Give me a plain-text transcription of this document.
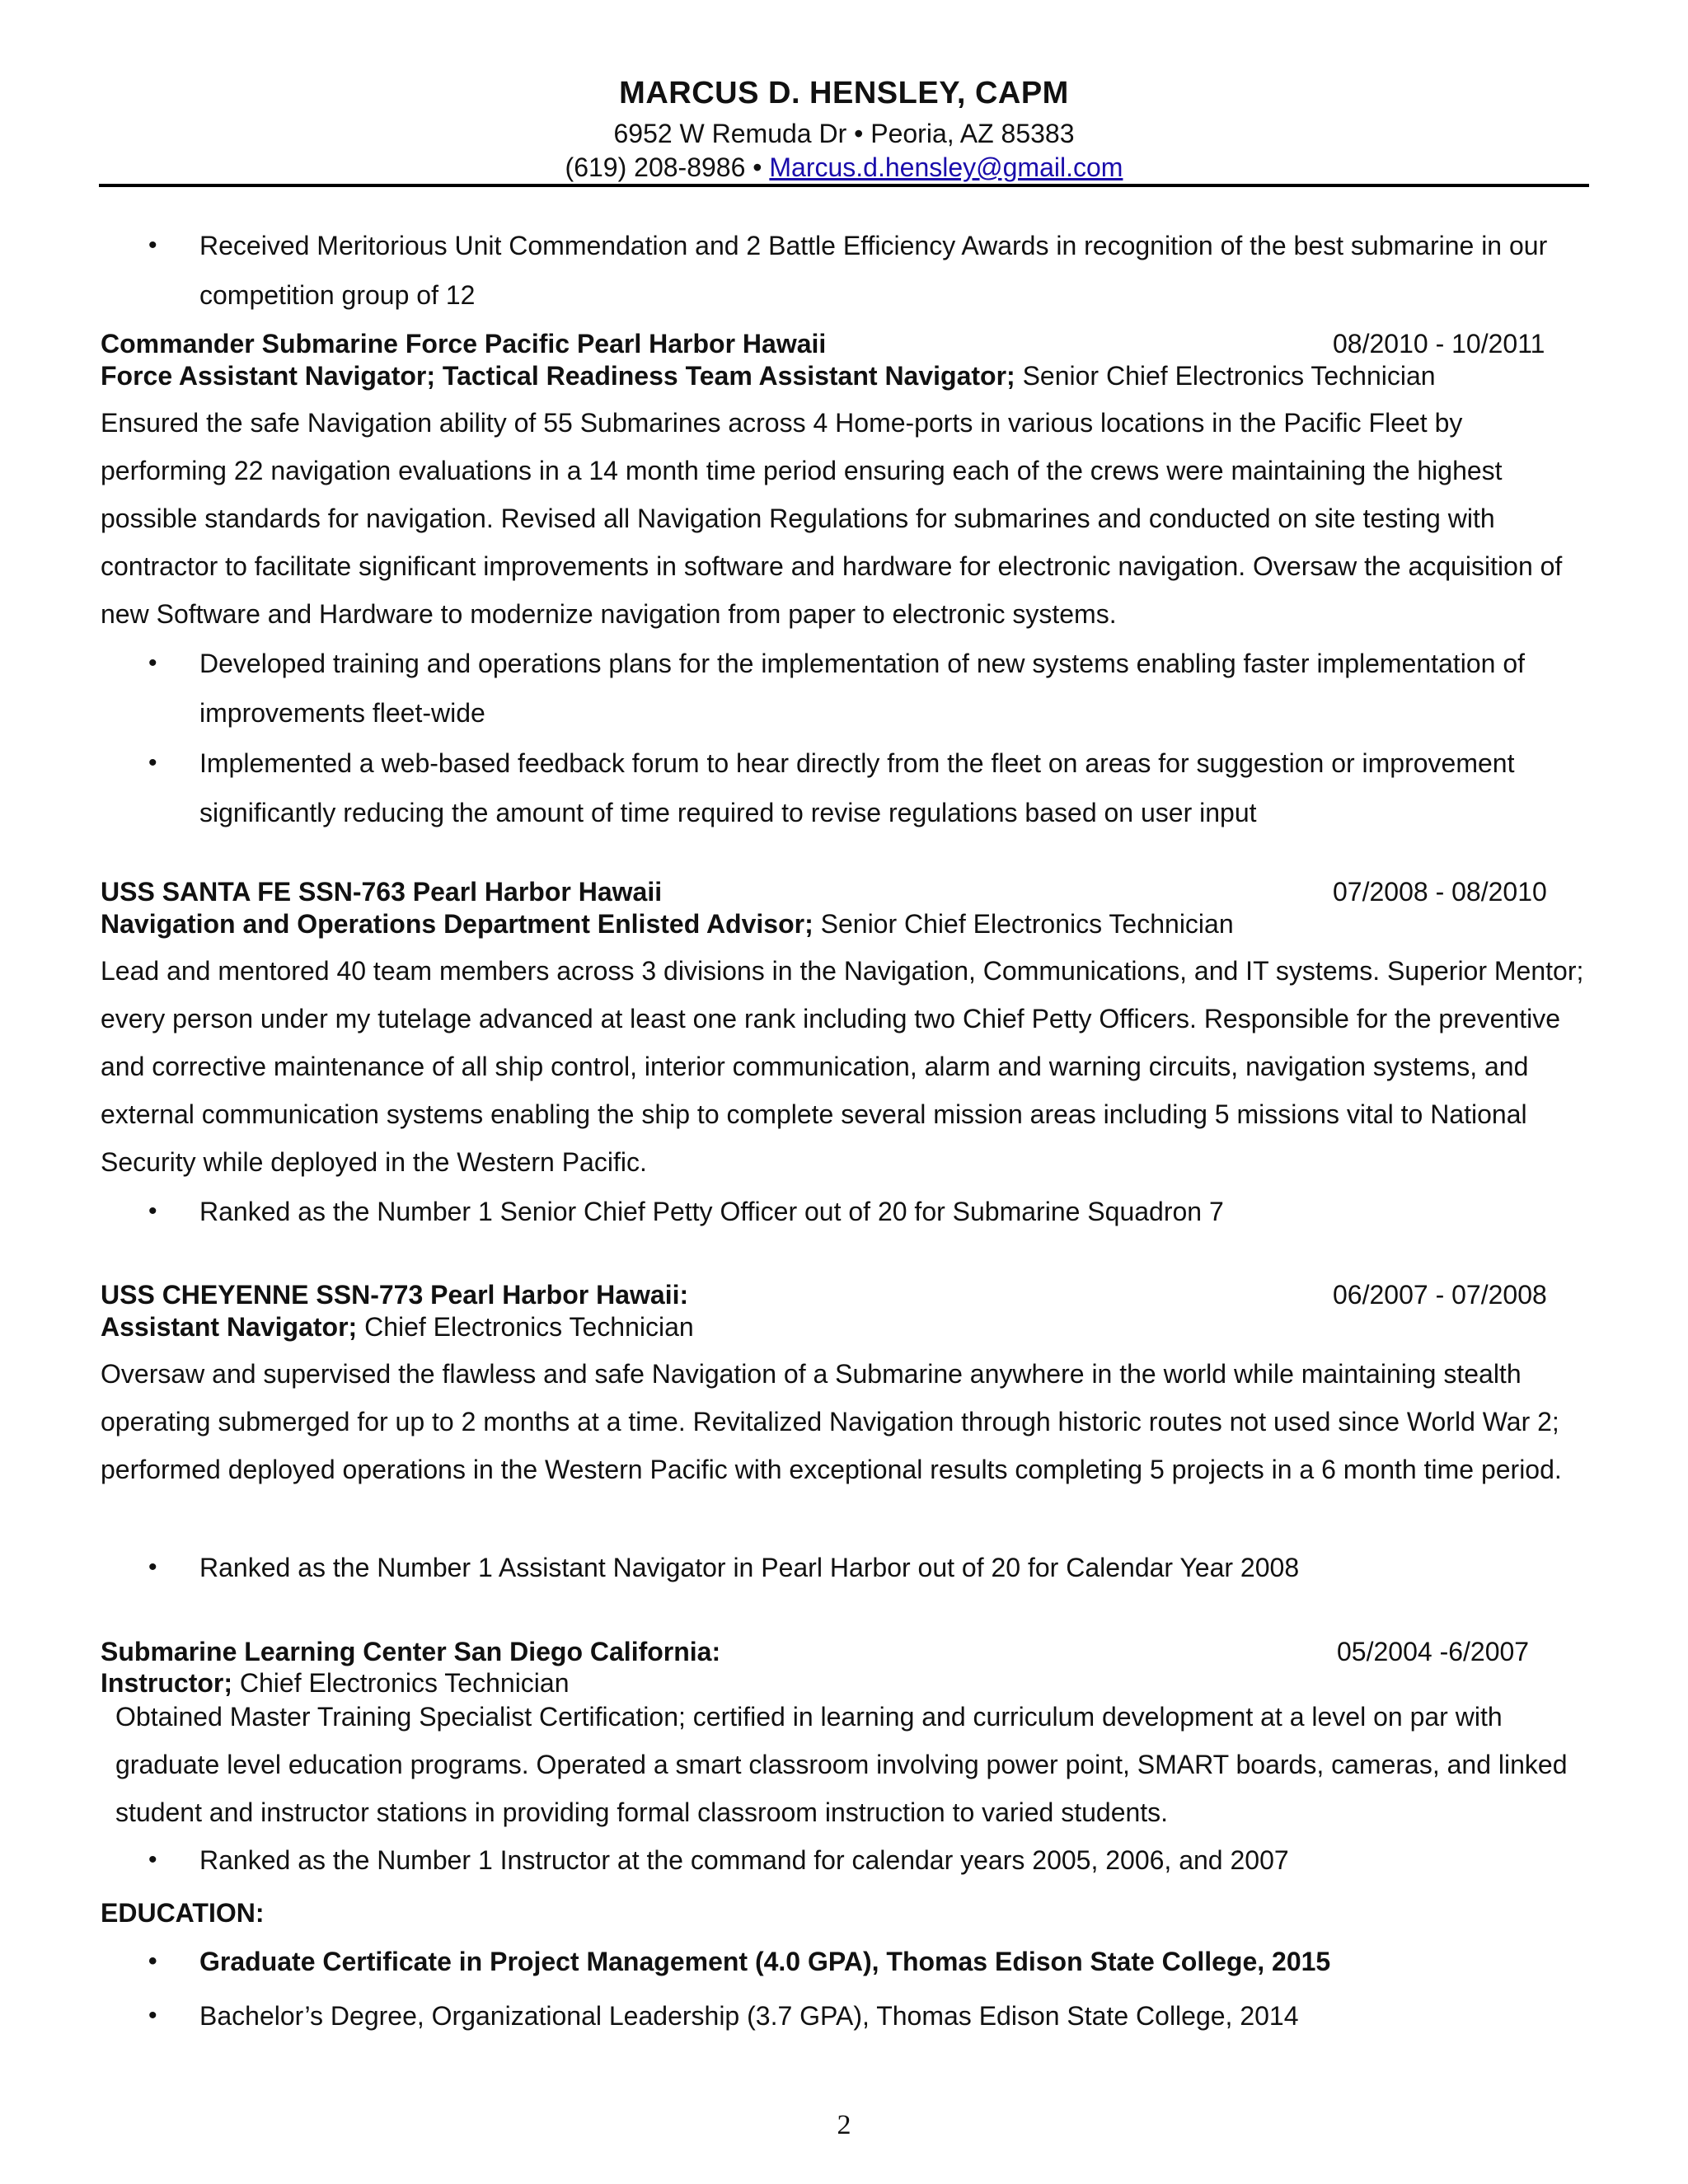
MARCUS D. HENSLEY, CAPM
6952 W Remuda Dr • Peoria, AZ 85383
(619) 208-8986 • Marcus.d.hensley@gmail.com
•	Received Meritorious Unit Commendation and 2 Battle Efficiency Awards in recognition of the best submarine in our competition group of 12
Commander Submarine Force Pacific Pearl Harbor Hawaii	08/2010 - 10/2011
Force Assistant Navigator; Tactical Readiness Team Assistant Navigator; Senior Chief Electronics Technician
Ensured the safe Navigation ability of 55 Submarines across 4 Home-ports in various locations in the Pacific Fleet by performing 22 navigation evaluations in a 14 month time period ensuring each of the crews were maintaining the highest possible standards for navigation. Revised all Navigation Regulations for submarines and conducted on site testing with contractor to facilitate significant improvements in software and hardware for electronic navigation. Oversaw the acquisition of new Software and Hardware to modernize navigation from paper to electronic systems.
•	Developed training and operations plans for the implementation of new systems enabling faster implementation of improvements fleet-wide
•	Implemented a web-based feedback forum to hear directly from the fleet on areas for suggestion or improvement significantly reducing the amount of time required to revise regulations based on user input
USS SANTA FE SSN-763 Pearl Harbor Hawaii	07/2008 - 08/2010
Navigation and Operations Department Enlisted Advisor; Senior Chief Electronics Technician
Lead and mentored 40 team members across 3 divisions in the Navigation, Communications, and IT systems. Superior Mentor; every person under my tutelage advanced at least one rank including two Chief Petty Officers. Responsible for the preventive and corrective maintenance of all ship control, interior communication, alarm and warning circuits, navigation systems, and external communication systems enabling the ship to complete several mission areas including 5 missions vital to National Security while deployed in the Western Pacific.
•	Ranked as the Number 1 Senior Chief Petty Officer out of 20 for Submarine Squadron 7
USS CHEYENNE SSN-773 Pearl Harbor Hawaii:	06/2007 - 07/2008
Assistant Navigator; Chief Electronics Technician
Oversaw and supervised the flawless and safe Navigation of a Submarine anywhere in the world while maintaining stealth operating submerged for up to 2 months at a time. Revitalized Navigation through historic routes not used since World War 2; performed deployed operations in the Western Pacific with exceptional results completing 5 projects in a 6 month time period.
•	Ranked as the Number 1 Assistant Navigator in Pearl Harbor out of 20 for Calendar Year 2008
Submarine Learning Center San Diego California:	05/2004 -6/2007
Instructor; Chief Electronics Technician
Obtained Master Training Specialist Certification; certified in learning and curriculum development at a level on par with graduate level education programs. Operated a smart classroom involving power point, SMART boards, cameras, and linked student and instructor stations in providing formal classroom instruction to varied students.
•	Ranked as the Number 1 Instructor at the command for calendar years 2005, 2006, and 2007
EDUCATION:
•	Graduate Certificate in Project Management (4.0 GPA), Thomas Edison State College, 2015
•	Bachelor’s Degree, Organizational Leadership (3.7 GPA), Thomas Edison State College, 2014
2
